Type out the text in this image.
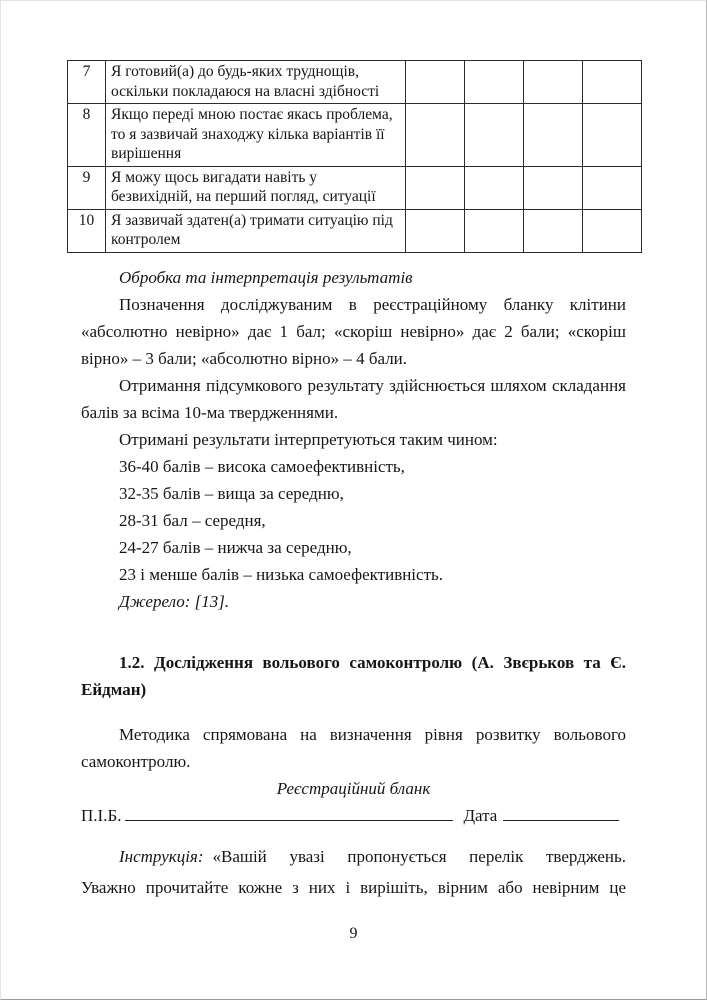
7	Я готовий(а) до будь-яких труднощів, оскільки покладаюся на власні здібності				
8	Якщо переді мною постає якась проблема, то я зазвичай знаходжу кілька варіантів її вирішення				
9	Я можу щось вигадати навіть у безвихідній, на перший погляд, ситуації				
10	Я зазвичай здатен(а) тримати ситуацію під контролем				
Обробка та інтерпретація результатів
Позначення досліджуваним в реєстраційному бланку клітини «абсолютно невірно» дає 1 бал; «скоріш невірно» дає 2 бали; «скоріш вірно» – 3 бали; «абсолютно вірно» – 4 бали.
Отримання підсумкового результату здійснюється шляхом складання балів за всіма 10-ма твердженнями.
Отримані результати інтерпретуються таким чином:
36-40 балів – висока самоефективність,
32-35 балів – вища за середню,
28-31 бал – середня,
24-27 балів – нижча за середню,
23 і менше балів – низька самоефективність.
Джерело: [13].
1.2. Дослідження вольового самоконтролю (А. Звєрьков та Є. Ейдман)
Методика спрямована на визначення рівня розвитку вольового самоконтролю.
Реєстраційний бланк
П.І.Б.	Дата
Інструкція: «Вашій увазі пропонується перелік тверджень.
Уважно прочитайте кожне з них і вирішіть, вірним або невірним це
9
